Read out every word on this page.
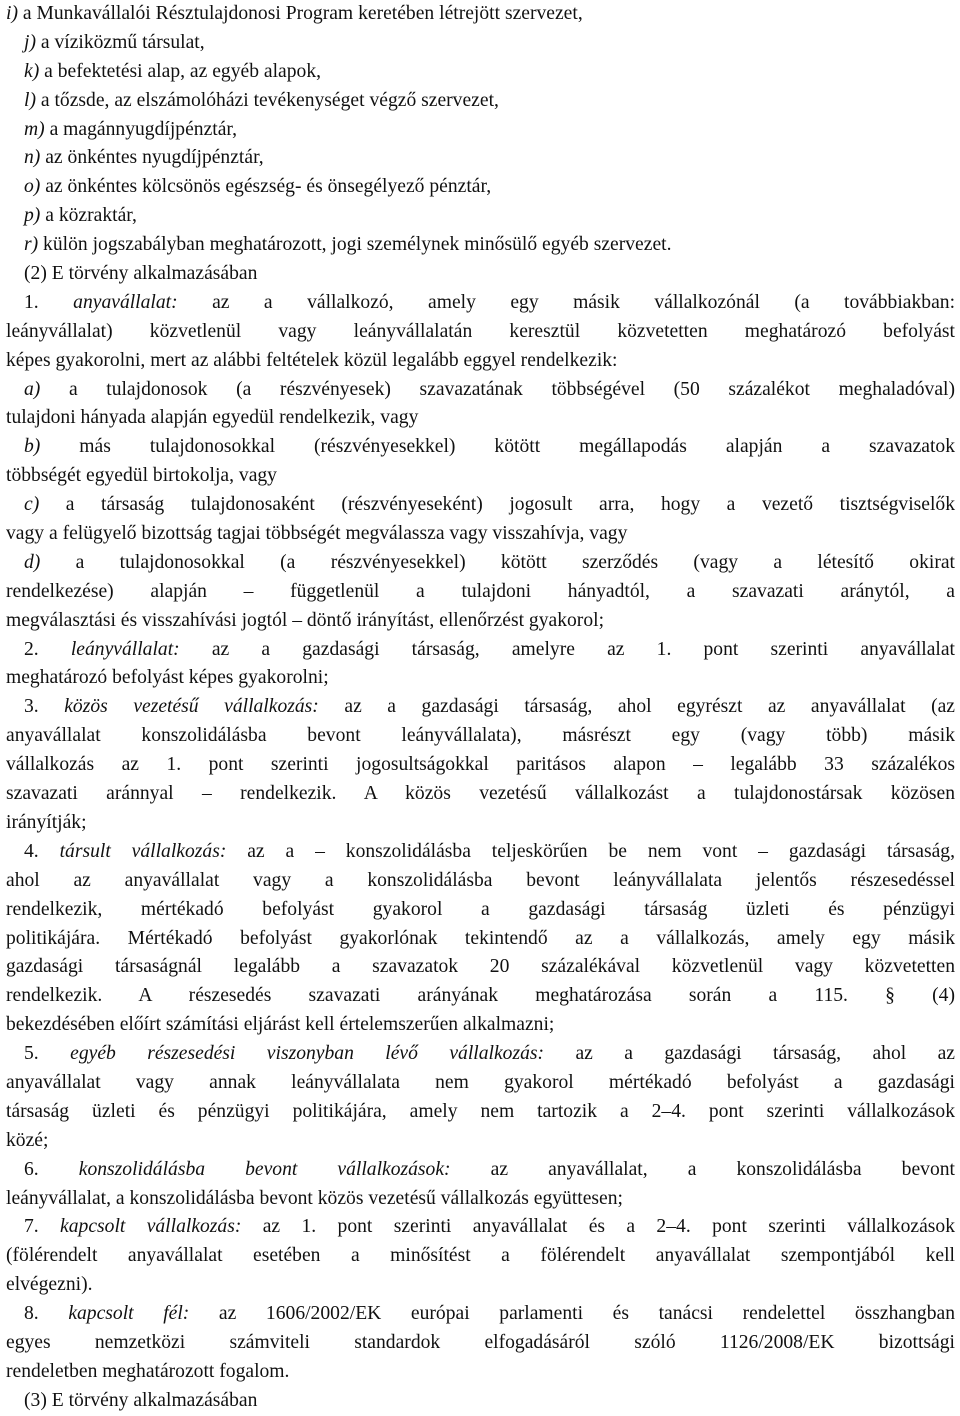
i) a Munkavállalói Résztulajdonosi Program keretében létrejött szervezet,
j) a víziközmű társulat,
k) a befektetési alap, az egyéb alapok,
l) a tőzsde, az elszámolóházi tevékenységet végző szervezet,
m) a magánnyugdíjpénztár,
n) az önkéntes nyugdíjpénztár,
o) az önkéntes kölcsönös egészség- és önsegélyező pénztár,
p) a közraktár,
r) külön jogszabályban meghatározott, jogi személynek minősülő egyéb szervezet.
(2) E törvény alkalmazásában
1. anyavállalat: az a vállalkozó, amely egy másik vállalkozónál (a továbbiakban:
leányvállalat) közvetlenül vagy leányvállalatán keresztül közvetetten meghatározó befolyást
képes gyakorolni, mert az alábbi feltételek közül legalább eggyel rendelkezik:
a) a tulajdonosok (a részvényesek) szavazatának többségével (50 százalékot meghaladóval)
tulajdoni hányada alapján egyedül rendelkezik, vagy
b) más tulajdonosokkal (részvényesekkel) kötött megállapodás alapján a szavazatok
többségét egyedül birtokolja, vagy
c) a társaság tulajdonosaként (részvényeseként) jogosult arra, hogy a vezető tisztségviselők
vagy a felügyelő bizottság tagjai többségét megválassza vagy visszahívja, vagy
d) a tulajdonosokkal (a részvényesekkel) kötött szerződés (vagy a létesítő okirat
rendelkezése) alapján – függetlenül a tulajdoni hányadtól, a szavazati aránytól, a
megválasztási és visszahívási jogtól – döntő irányítást, ellenőrzést gyakorol;
2. leányvállalat: az a gazdasági társaság, amelyre az 1. pont szerinti anyavállalat
meghatározó befolyást képes gyakorolni;
3. közös vezetésű vállalkozás: az a gazdasági társaság, ahol egyrészt az anyavállalat (az
anyavállalat konszolidálásba bevont leányvállalata), másrészt egy (vagy több) másik
vállalkozás az 1. pont szerinti jogosultságokkal paritásos alapon – legalább 33 százalékos
szavazati aránnyal – rendelkezik. A közös vezetésű vállalkozást a tulajdonostársak közösen
irányítják;
4. társult vállalkozás: az a – konszolidálásba teljeskörűen be nem vont – gazdasági társaság,
ahol az anyavállalat vagy a konszolidálásba bevont leányvállalata jelentős részesedéssel
rendelkezik, mértékadó befolyást gyakorol a gazdasági társaság üzleti és pénzügyi
politikájára. Mértékadó befolyást gyakorlónak tekintendő az a vállalkozás, amely egy másik
gazdasági társaságnál legalább a szavazatok 20 százalékával közvetlenül vagy közvetetten
rendelkezik. A részesedés szavazati arányának meghatározása során a 115. § (4)
bekezdésében előírt számítási eljárást kell értelemszerűen alkalmazni;
5. egyéb részesedési viszonyban lévő vállalkozás: az a gazdasági társaság, ahol az
anyavállalat vagy annak leányvállalata nem gyakorol mértékadó befolyást a gazdasági
társaság üzleti és pénzügyi politikájára, amely nem tartozik a 2–4. pont szerinti vállalkozások
közé;
6. konszolidálásba bevont vállalkozások: az anyavállalat, a konszolidálásba bevont
leányvállalat, a konszolidálásba bevont közös vezetésű vállalkozás együttesen;
7. kapcsolt vállalkozás: az 1. pont szerinti anyavállalat és a 2–4. pont szerinti vállalkozások
(fölérendelt anyavállalat esetében a minősítést a fölérendelt anyavállalat szempontjából kell
elvégezni).
8. kapcsolt fél: az 1606/2002/EK európai parlamenti és tanácsi rendelettel összhangban
egyes nemzetközi számviteli standardok elfogadásáról szóló 1126/2008/EK bizottsági
rendeletben meghatározott fogalom.
(3) E törvény alkalmazásában
